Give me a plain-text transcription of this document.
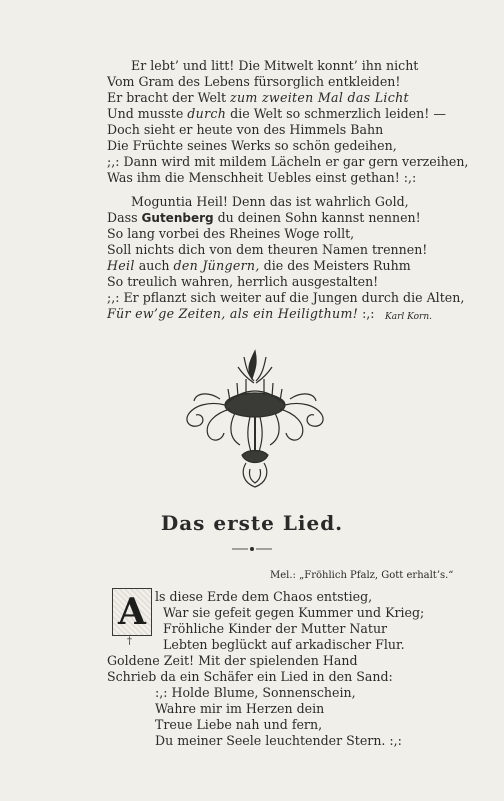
Er lebt’ und litt! Die Mitwelt konnt’ ihn nicht
Vom Gram des Lebens fürsorglich entkleiden!
Er bracht der Welt zum zweiten Mal das Licht
Und musste durch die Welt so schmerzlich leiden! —
Doch sieht er heute von des Himmels Bahn
Die Früchte seines Werks so schön gedeihen,
;,: Dann wird mit mildem Lächeln er gar gern verzeihen,
Was ihm die Menschheit Uebles einst gethan! :,:
Moguntia Heil! Denn das ist wahrlich Gold,
Dass Gutenberg du deinen Sohn kannst nennen!
So lang vorbei des Rheines Woge rollt,
Soll nichts dich von dem theuren Namen trennen!
Heil auch den Jüngern, die des Meisters Ruhm
So treulich wahren, herrlich ausgestalten!
;,: Er pflanzt sich weiter auf die Jungen durch die Alten,
Für ew’ge Zeiten, als ein Heiligthum! :,: Karl Korn.
Das erste Lied.
Mel.: „Fröhlich Pfalz, Gott erhalt’s.“
A
†
ls diese Erde dem Chaos entstieg,
War sie gefeit gegen Kummer und Krieg;
Fröhliche Kinder der Mutter Natur
Lebten beglückt auf arkadischer Flur.
Goldene Zeit! Mit der spielenden Hand
Schrieb da ein Schäfer ein Lied in den Sand:
:,: Holde Blume, Sonnenschein,
Wahre mir im Herzen dein
Treue Liebe nah und fern,
Du meiner Seele leuchtender Stern. :,:
